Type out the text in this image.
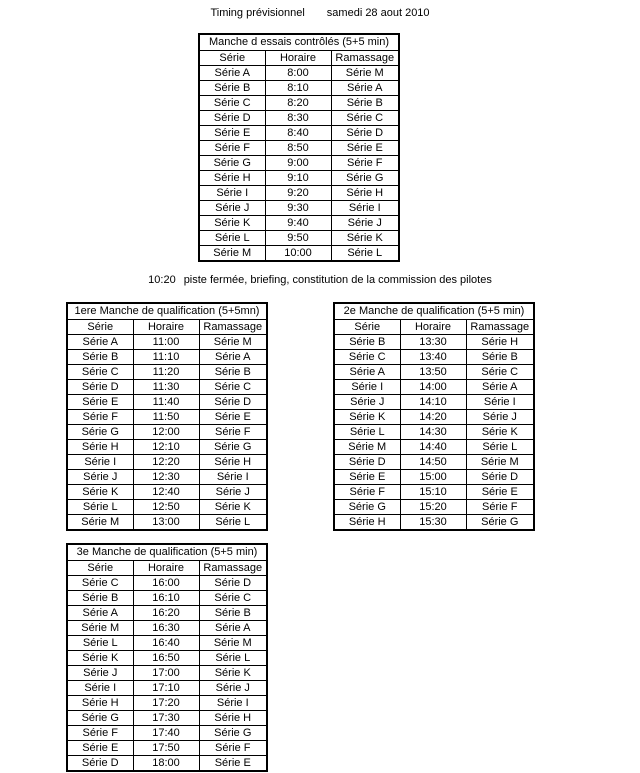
Timing prévisionnel samedi 28 aout 2010
Manche d essais contrôlés (5+5 min)		
Série	Horaire	Ramassage
Série A	8:00	Série M
Série B	8:10	Série A
Série C	8:20	Série B
Série D	8:30	Série C
Série E	8:40	Série D
Série F	8:50	Série E
Série G	9:00	Série F
Série H	9:10	Série G
Série I	9:20	Série H
Série J	9:30	Série I
Série K	9:40	Série J
Série L	9:50	Série K
Série M	10:00	Série L
10:20 piste fermée, briefing, constitution de la commission des pilotes
1ere Manche de qualification (5+5mn)		
Série	Horaire	Ramassage
Série A	11:00	Série M
Série B	11:10	Série A
Série C	11:20	Série B
Série D	11:30	Série C
Série E	11:40	Série D
Série F	11:50	Série E
Série G	12:00	Série F
Série H	12:10	Série G
Série I	12:20	Série H
Série J	12:30	Série I
Série K	12:40	Série J
Série L	12:50	Série K
Série M	13:00	Série L
2e Manche de qualification (5+5 min)		
Série	Horaire	Ramassage
Série B	13:30	Série H
Série C	13:40	Série B
Série A	13:50	Série C
Série I	14:00	Série A
Série J	14:10	Série I
Série K	14:20	Série J
Série L	14:30	Série K
Série M	14:40	Série L
Série D	14:50	Série M
Série E	15:00	Série D
Série F	15:10	Série E
Série G	15:20	Série F
Série H	15:30	Série G
3e Manche de qualification (5+5 min)		
Série	Horaire	Ramassage
Série C	16:00	Série D
Série B	16:10	Série C
Série A	16:20	Série B
Série M	16:30	Série A
Série L	16:40	Série M
Série K	16:50	Série L
Série J	17:00	Série K
Série I	17:10	Série J
Série H	17:20	Série I
Série G	17:30	Série H
Série F	17:40	Série G
Série E	17:50	Série F
Série D	18:00	Série E
